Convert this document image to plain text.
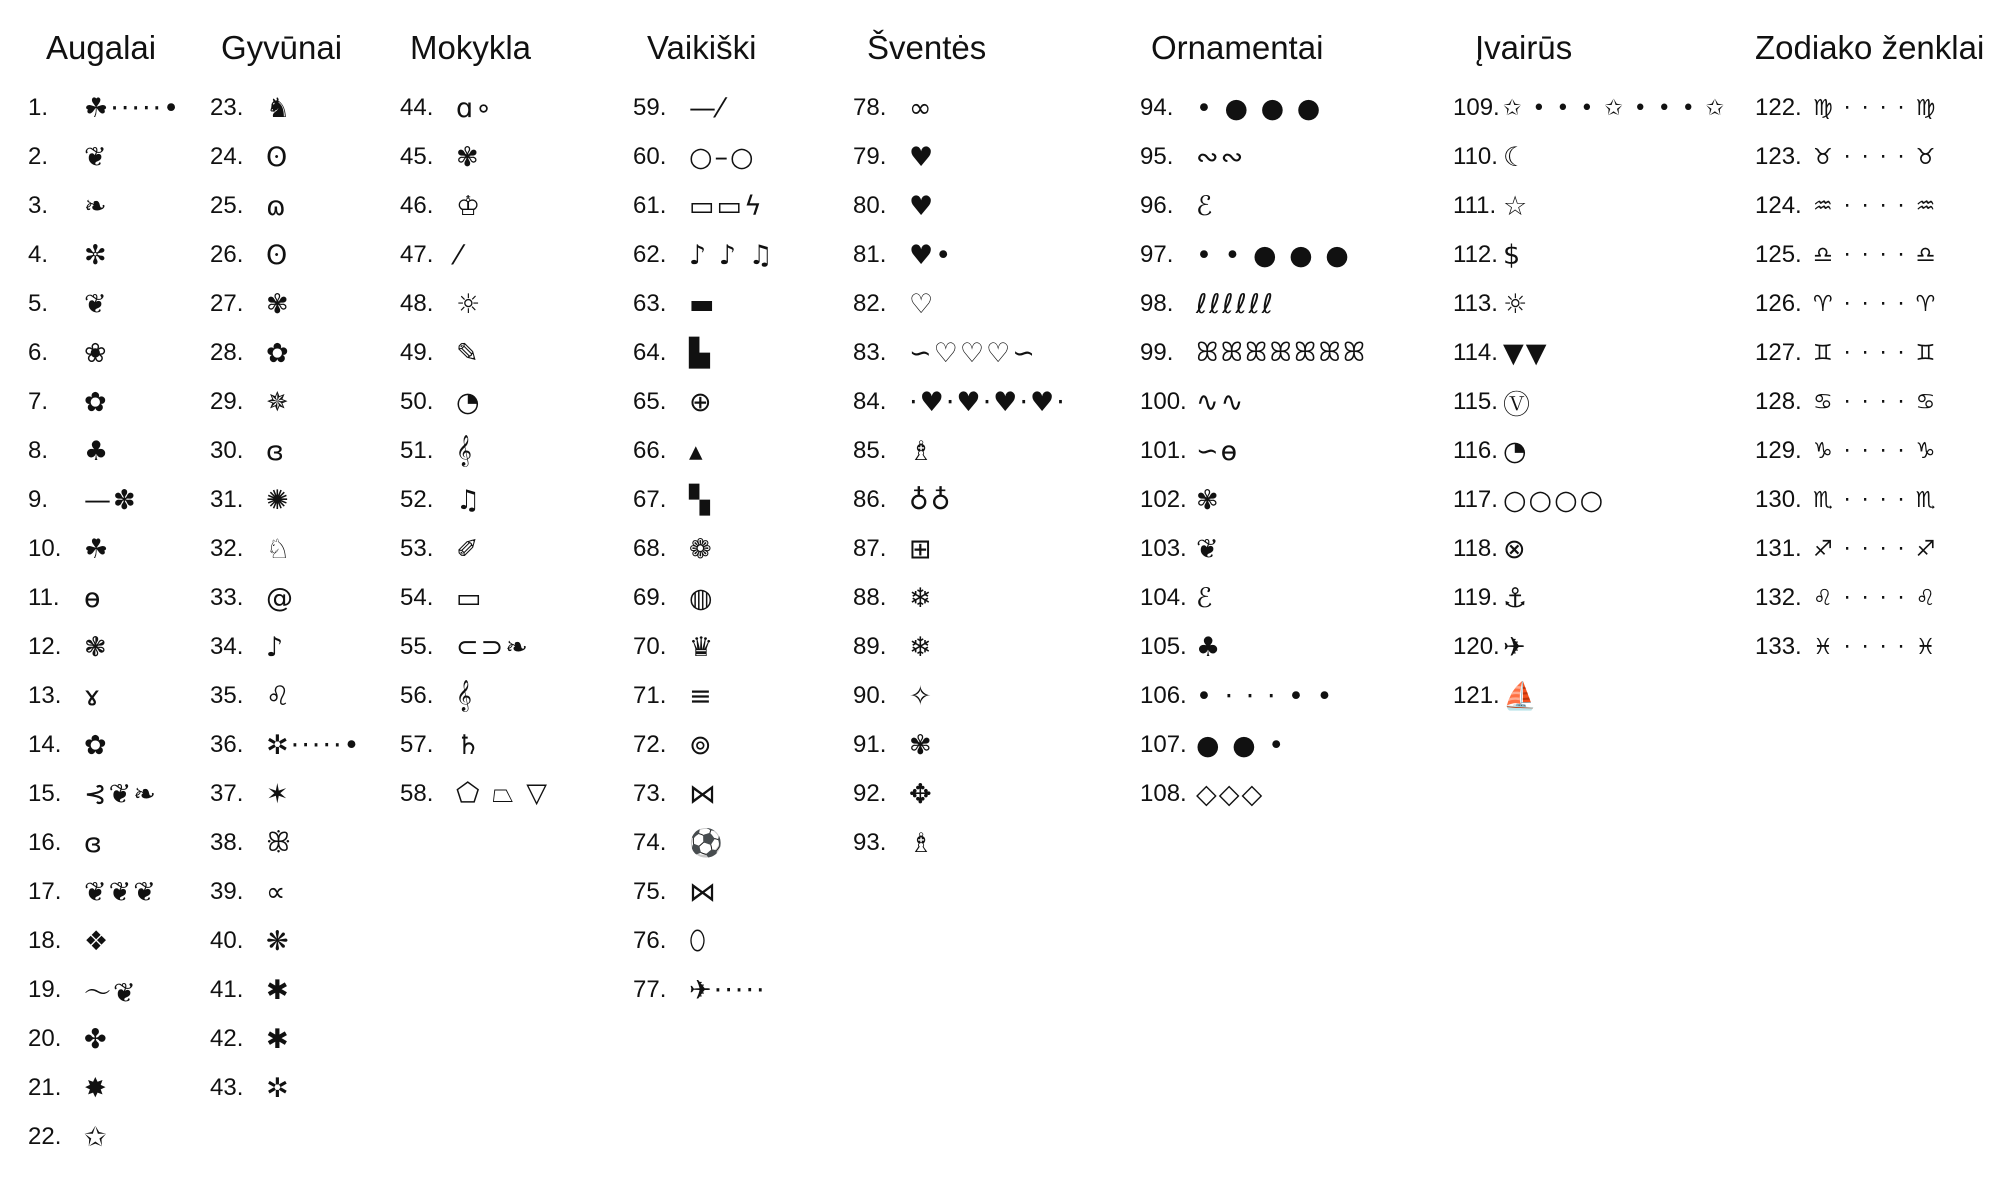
Augalai
1.	☘·⋅·⋅·•
2.	❦
3.	❧
4.	✼
5.	❦
6.	❀
7.	✿
8.	♣
9.	—✽
10. ☘
11. ɵ
12. ❃
13. ɤ
14. ✿
15. ⊰❦❧
16. ɞ
17. ❦❦❦
18. ❖
19. ～❦
20. ✤
21. ✸
22. ✩
Gyvūnai
23. ♞
24. ʘ
25. ɷ
26. ʘ
27. ✾
28. ✿
29. ✵
30. ɞ
31. ✺
32. ♘
33. @
34. ♪
35. ♌
36. ✲·⋅·⋅·•
37. ✶
38. ꕥ
39. ∝
40. ❋
41. ✱
42. ✱
43. ✲
Mokykla
44. ɑ∘
45. ✾
46. ♔
47. ⁄
48. ☼
49. ✎
50. ◔
51. 𝄞
52. ♫
53. ✐
54. ▭
55. ⊂⊃❧
56. 𝄞
57. ♄
58. ⬠ ⏢ ▽
Vaikiški
59. —⁄
60. ○–○
61. ▭▭ϟ
62. ♪ ♪ ♫
63. ▬
64. ▙
65. ⊕
66. ▴
67. ▚
68. ❁
69. ◍
70. ♛
71. ≡
72. ⊚
73. ⋈
74. ⚽
75. ⋈
76. ⬯
77. ✈·⋅·⋅·
Šventės
78. ∞
79. ♥
80. ♥
81. ♥•
82. ♡
83. ∽♡♡♡∽
84. ⋅♥⋅♥⋅♥⋅♥⋅
85. ♗
86. ♁♁
87. ⊞
88. ❄
89. ❄
90. ✧
91. ✾
92. ✥
93. ♗
Ornamentai
94. • ● ● ●
95. ∾∾
96. ℰ
97. • • ● ● ●
98. ℓℓℓℓℓℓ
99. ꕤꕤꕤꕤꕤꕤꕤ
100. ∿∿
101. ∽ɵ
102. ✾
103. ❦
104. ℰ
105. ♣
106. • ⋅ ⋅ ⋅ • •
107. ● ● •
108. ◇◇◇
Įvairūs
109. ✩ • • • ✩ • • • ✩
110. ☾
111. ☆
112. $
113. ☼
114. ▼▼
115. Ⓥ
116. ◔
117. ○○○○
118. ⊗
119. ⚓
120. ✈
121. ⛵
Zodiako ženklai
122. ♍ ⋅ ⋅ ⋅ ⋅ ♍
123. ♉ ⋅ ⋅ ⋅ ⋅ ♉
124. ♒ ⋅ ⋅ ⋅ ⋅ ♒
125. ♎ ⋅ ⋅ ⋅ ⋅ ♎
126. ♈ ⋅ ⋅ ⋅ ⋅ ♈
127. ♊ ⋅ ⋅ ⋅ ⋅ ♊
128. ♋ ⋅ ⋅ ⋅ ⋅ ♋
129. ♑ ⋅ ⋅ ⋅ ⋅ ♑
130. ♏ ⋅ ⋅ ⋅ ⋅ ♏
131. ♐ ⋅ ⋅ ⋅ ⋅ ♐
132. ♌ ⋅ ⋅ ⋅ ⋅ ♌
133. ♓ ⋅ ⋅ ⋅ ⋅ ♓
